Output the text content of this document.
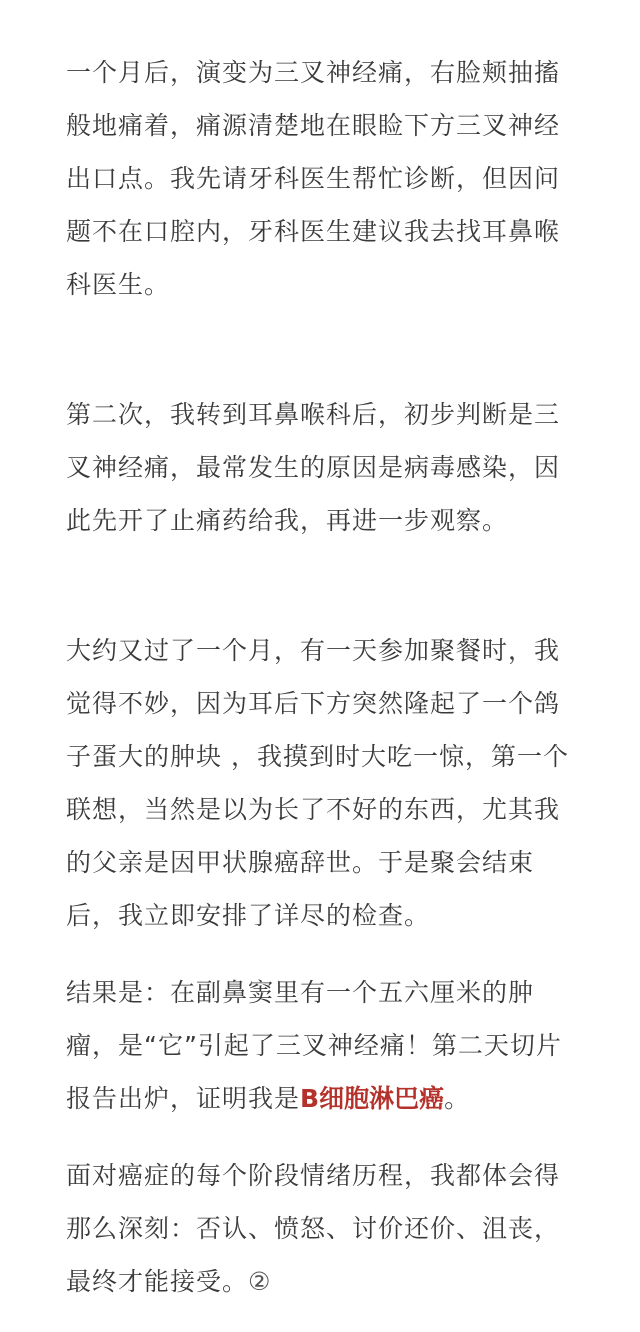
一个月后，演变为三叉神经痛，右脸颊抽搐
般地痛着，痛源清楚地在眼睑下方三叉神经
出口点。我先请牙科医生帮忙诊断，但因问
题不在口腔内，牙科医生建议我去找耳鼻喉
科医生。

第二次，我转到耳鼻喉科后，初步判断是三
叉神经痛，最常发生的原因是病毒感染，因
此先开了止痛药给我，再进一步观察。

大约又过了一个月，有一天参加聚餐时，我
觉得不妙，因为耳后下方突然隆起了一个鸽
子蛋大的肿块 ，我摸到时大吃一惊，第一个
联想，当然是以为长了不好的东西，尤其我
的父亲是因甲状腺癌辞世。于是聚会结束
后，我立即安排了详尽的检查。

结果是：在副鼻窦里有一个五六厘米的肿
瘤，是“它”引起了三叉神经痛！第二天切片
报告出炉，证明我是B细胞淋巴癌。

面对癌症的每个阶段情绪历程，我都体会得
那么深刻：否认、愤怒、讨价还价、沮丧，
最终才能接受。②
